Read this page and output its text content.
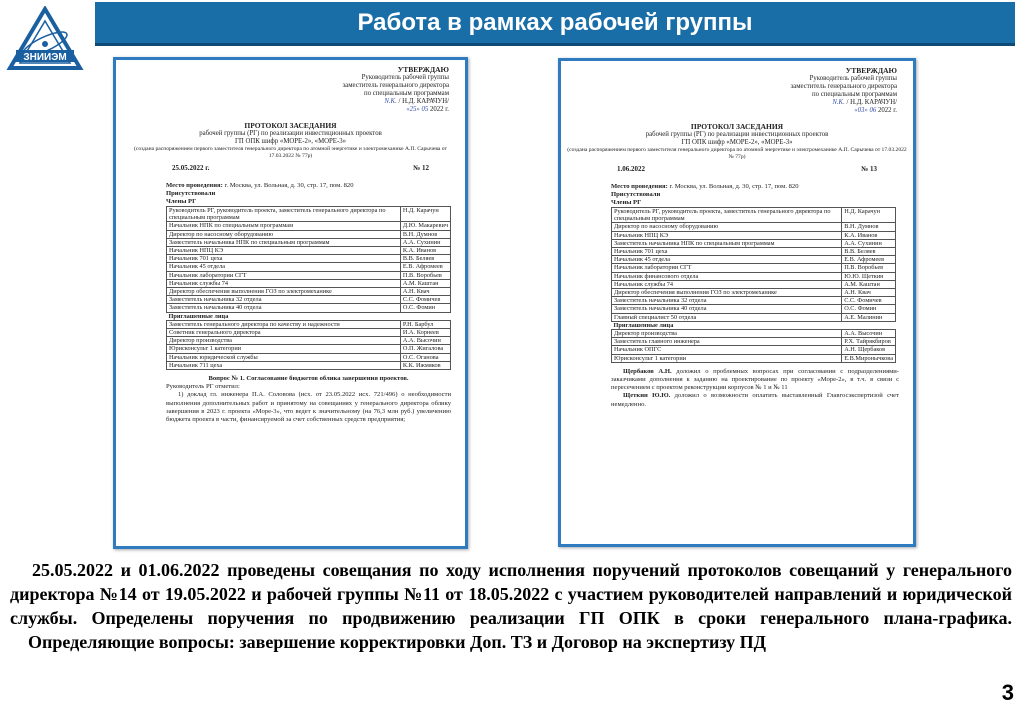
ЗНИИЭМ
Работа в рамках рабочей группы
УТВЕРЖДАЮ
Руководитель рабочей группы
заместитель генерального директора
по специальным программам
N.K. / Н.Д. КАРАЧУН/
«25» 05 2022 г.
ПРОТОКОЛ ЗАСЕДАНИЯ
рабочей группы (РГ) по реализации инвестиционных проектов
ГП ОПК шифр «МОРЕ-2», «МОРЕ-3»
(создана распоряжением первого заместителя генерального директора по атомной энергетике и электромеханике А.П. Сарычева от 17.03.2022 № 77р)
25.05.2022 г.	№ 12
Место проведения: г. Москва, ул. Вольная, д. 30, стр. 17, пом. 820
Присутствовали
Члены РГ
Руководитель РГ, руководитель проекта, заместитель генерального директора по специальным программам	Н.Д. Карачун
Начальник НПК по специальным программам	Д.Ю. Макаревич
Директор по насосному оборудованию	В.Н. Думнов
Заместитель начальника НПК по специальным программам	А.А. Сухинин
Начальник НПЦ КЭ	К.А. Иванов
Начальник 701 цеха	В.В. Беляев
Начальник 45 отдела	Е.В. Афромеев
Начальник лаборатории СГТ	П.В. Воробьев
Начальник службы 74	А.М. Каштан
Директор обеспечения выполнения ГОЗ по электромеханике	А.Н. Квач
Заместитель начальника 32 отдела	С.С. Фомичев
Заместитель начальника 40 отдела	О.С. Фомин
Приглашенные лица	
Заместитель генерального директора по качеству и надежности	Р.Н. Барбул
Советник генерального директора	И.А. Корнеев
Директор производства	А.А. Высочин
Юрисконсульт 1 категории	О.П. Жигалова
Начальник юридической службы	О.С. Оганова
Начальник 711 цеха	К.К. Ижмяков
Вопрос № 1. Согласование бюджетов облика завершения проектов.
Руководитель РГ отметил:
1) доклад гл. инженера П.А. Соловова (исх. от 23.05.2022 исх. 721/496) о необходимости выполнения дополнительных работ и принятому на совещаниях у генерального директора облику завершения в 2023 г. проекта «Море-3», что ведет к значительному (на 76,3 млн руб.) увеличению бюджета проекта в части, финансируемой за счет собственных средств предприятия;
УТВЕРЖДАЮ
Руководитель рабочей группы
заместитель генерального директора
по специальным программам
N.K. / Н.Д. КАРАЧУН/
«03» 06 2022 г.
ПРОТОКОЛ ЗАСЕДАНИЯ
рабочей группы (РГ) по реализации инвестиционных проектов
ГП ОПК шифр «МОРЕ-2», «МОРЕ-3»
(создана распоряжением первого заместителя генерального директора по атомной энергетике и электромеханике А.П. Сарычева от 17.03.2022 № 77р)
1.06.2022	№ 13
Место проведения: г. Москва, ул. Вольная, д. 30, стр. 17, пом. 820
Присутствовали
Члены РГ
Руководитель РГ, руководитель проекта, заместитель генерального директора по специальным программам	Н.Д. Карачун
Директор по насосному оборудованию	В.Н. Думнов
Начальник НПЦ КЭ	К.А. Иванов
Заместитель начальника НПК по специальным программам	А.А. Сухинин
Начальник 701 цеха	В.В. Беляев
Начальник 45 отдела	Е.В. Афромеев
Начальник лаборатории СГТ	П.В. Воробьев
Начальник финансового отдела	Ю.Ю. Щеткин
Начальник службы 74	А.М. Каштан
Директор обеспечения выполнения ГОЗ по электромеханике	А.Н. Квач
Заместитель начальника 32 отдела	С.С. Фомичев
Заместитель начальника 40 отдела	О.С. Фомин
Главный специалист 50 отдела	А.Е. Малинин
Приглашенные лица	
Директор производства	А.А. Высочин
Заместитель главного инженера	Р.Х. Тайрякбиров
Начальник ОПГС	А.Н. Щербаков
Юрисконсульт 1 категории	Е.В.Миронычкова
Щербаков А.Н. доложил о проблемных вопросах при согласовании с подразделениями-заказчиками дополнения к заданию на проектирование по проекту «Море-2», в т.ч. в связи с пересечением с проектом реконструкции корпусов № 1 и № 11
Щеткин Ю.Ю. доложил о возможности оплатить выставленный Главгосэкспертизой счет немедленно.

25.05.2022 и 01.06.2022 проведены совещания по ходу исполнения поручений протоколов совещаний у генерального директора №14 от 19.05.2022 и рабочей группы №11 от 18.05.2022 с участием руководителей направлений и юридической службы. Определены поручения по продвижению реализации ГП ОПК в сроки генерального плана-графика.

Определяющие вопросы: завершение корректировки Доп. ТЗ и Договор на экспертизу ПД

3
